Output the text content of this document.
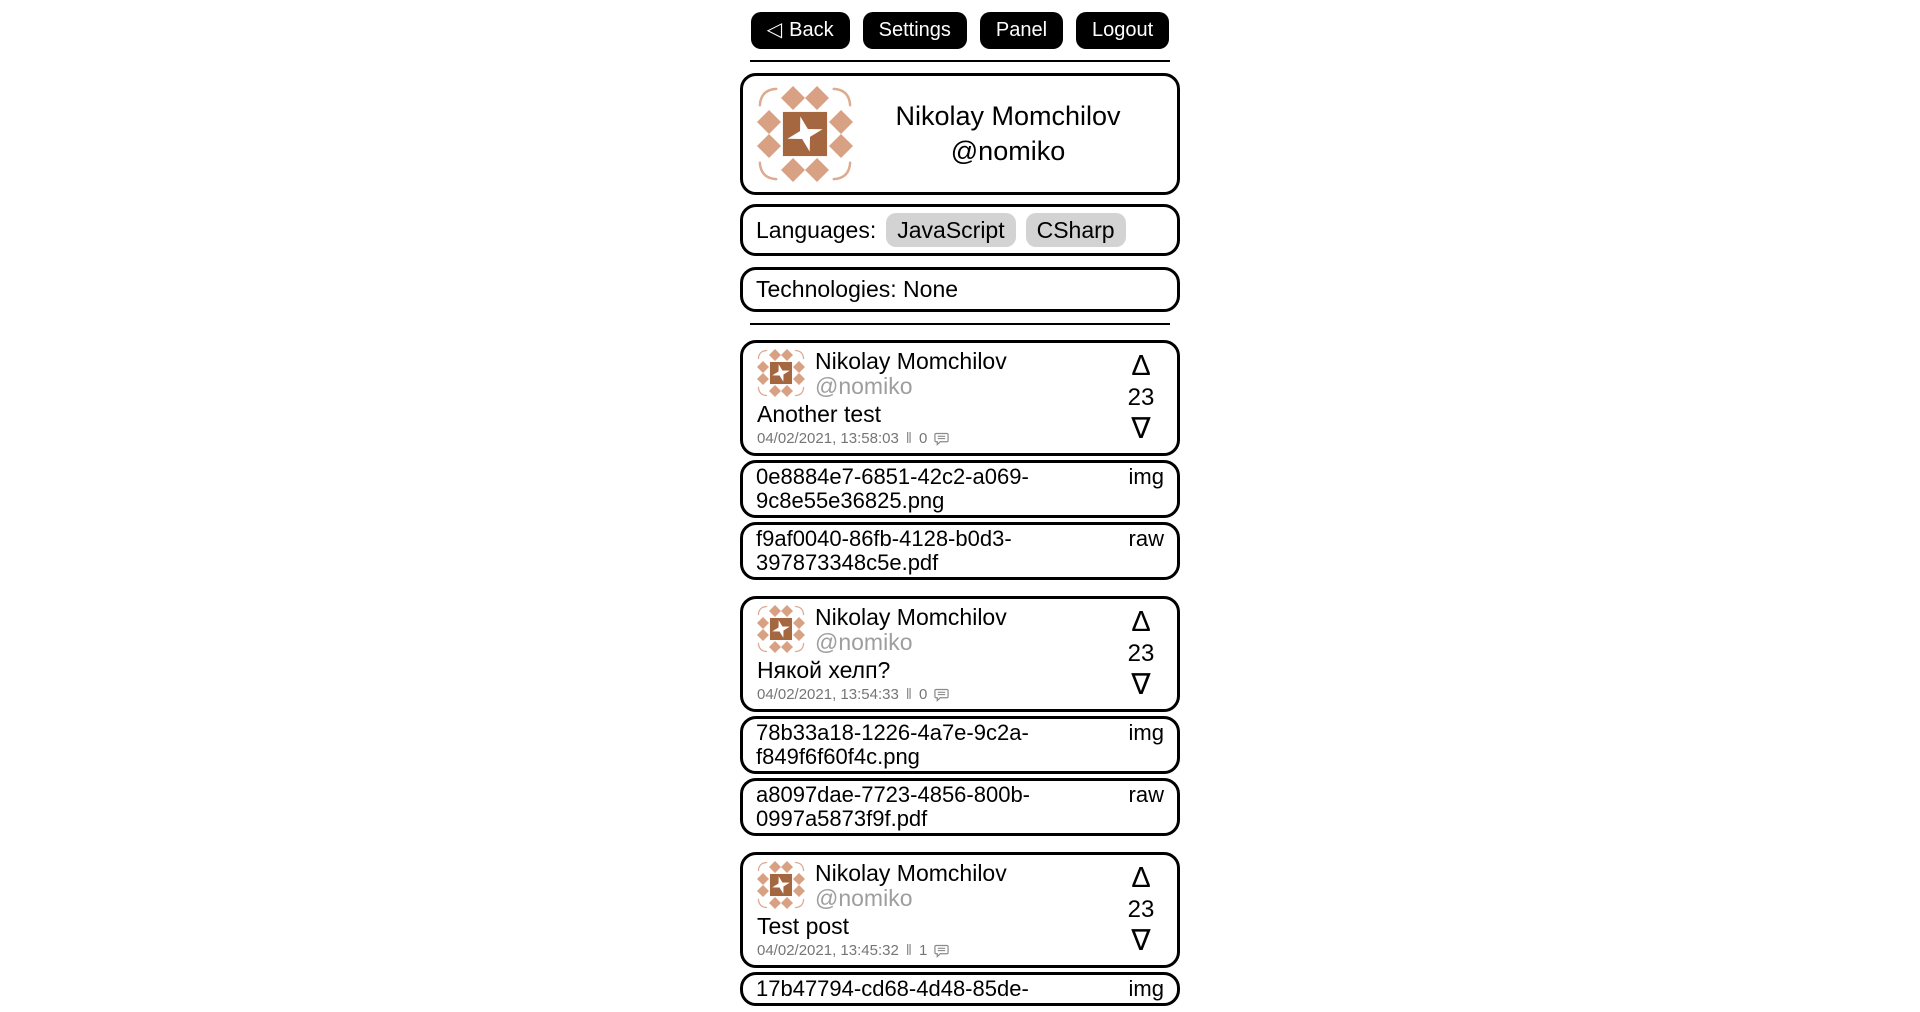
◁ Back	Settings	Panel	Logout
Nikolay Momchilov
@nomiko
Languages: JavaScript	CSharp
Technologies: None
Nikolay Momchilov
@nomiko
Another test
04/02/2021, 13:58:03 ‖ 0
Δ
23
∇
0e8884e7-6851-42c2-a069-9c8e55e36825.png
img
f9af0040-86fb-4128-b0d3-397873348c5e.pdf
raw
Nikolay Momchilov
@nomiko
Някой хелп?
04/02/2021, 13:54:33 ‖ 0
Δ
23
∇
78b33a18-1226-4a7e-9c2a-f849f6f60f4c.png
img
a8097dae-7723-4856-800b-0997a5873f9f.pdf
raw
Nikolay Momchilov
@nomiko
Test post
04/02/2021, 13:45:32 ‖ 1
Δ
23
∇
17b47794-cd68-4d48-85de-	img
